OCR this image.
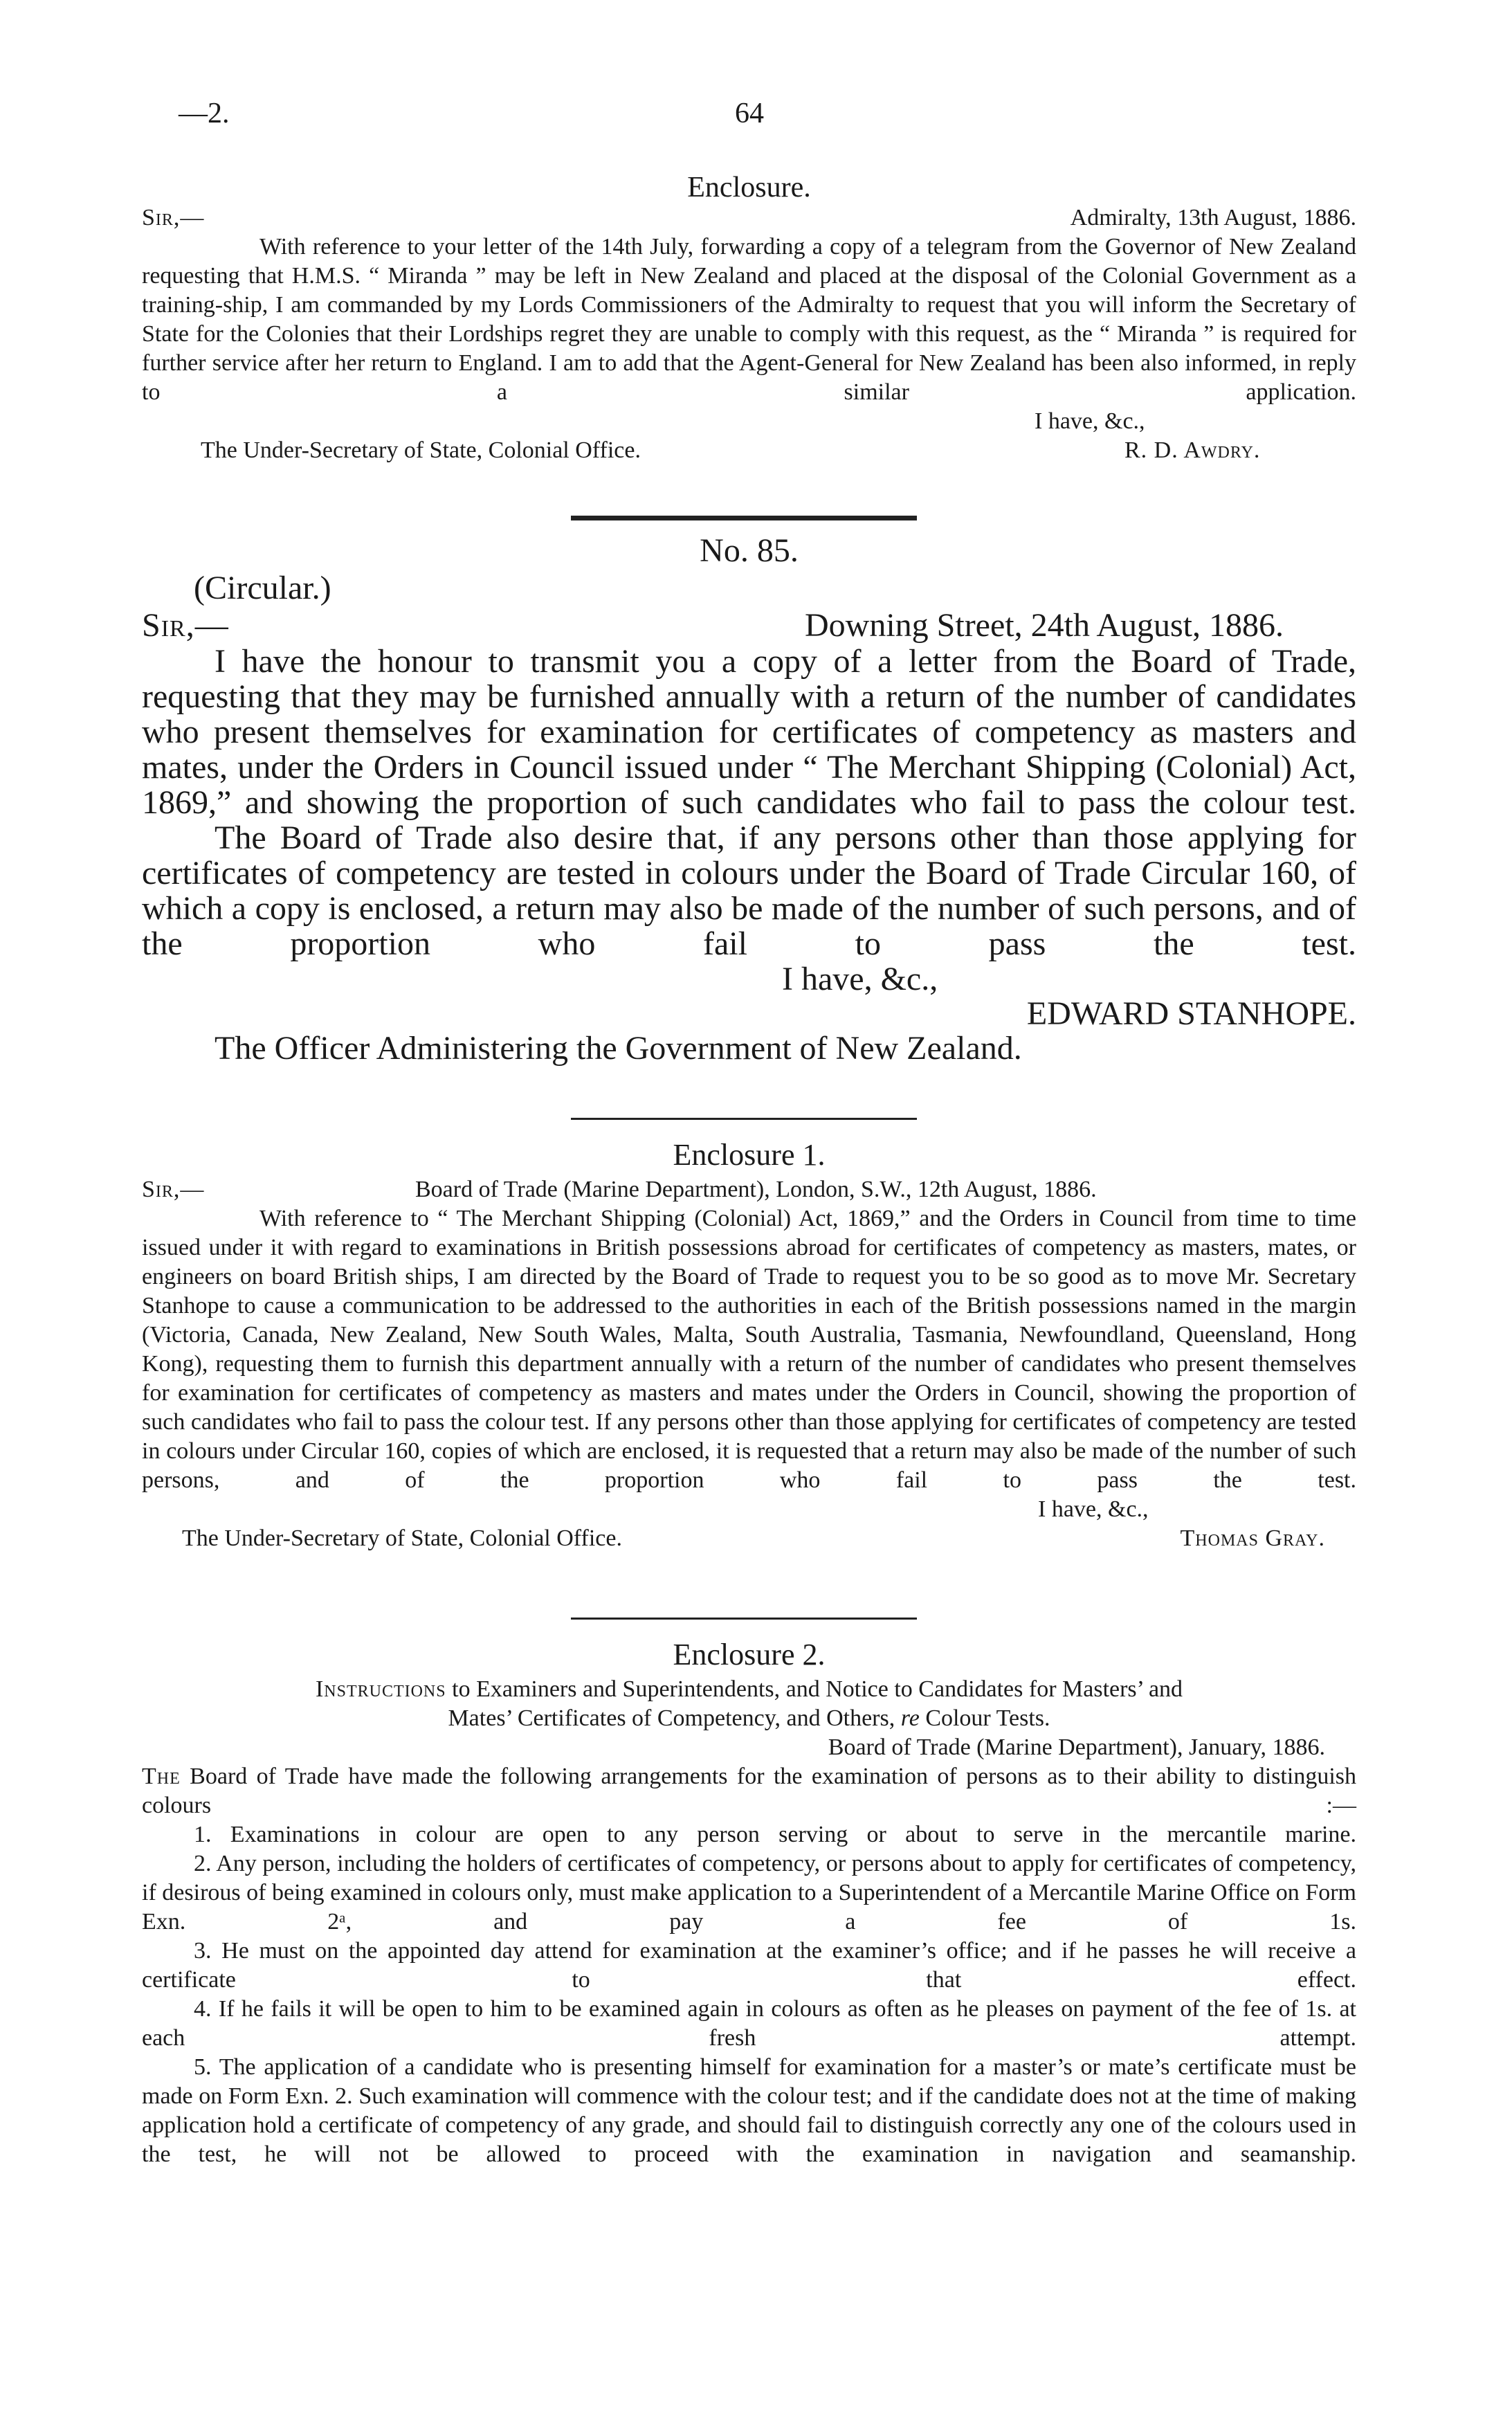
—2.	64
Enclosure.
Sir,—	Admiralty, 13th August, 1886.

With reference to your letter of the 14th July, forwarding a copy of a telegram from the Governor of New Zealand requesting that H.M.S. “ Miranda ” may be left in New Zealand and placed at the disposal of the Colonial Government as a training-ship, I am commanded by my Lords Commissioners of the Admiralty to request that you will inform the Secretary of State for the Colonies that their Lordships regret they are unable to comply with this request, as the “ Miranda ” is required for further service after her return to England. I am to add that the Agent-General for New Zealand has been also informed, in reply to a similar application.

I have, &c.,
The Under-Secretary of State, Colonial Office.	R. D. Awdry.
No. 85.
(Circular.)
Sir,—	Downing Street, 24th August, 1886.

I have the honour to transmit you a copy of a letter from the Board of Trade, requesting that they may be furnished annually with a return of the number of candidates who present themselves for examination for certificates of competency as masters and mates, under the Orders in Council issued under “ The Merchant Shipping (Colonial) Act, 1869,” and showing the proportion of such candidates who fail to pass the colour test.

The Board of Trade also desire that, if any persons other than those applying for certificates of competency are tested in colours under the Board of Trade Circular 160, of which a copy is enclosed, a return may also be made of the number of such persons, and of the proportion who fail to pass the test.

I have, &c.,
EDWARD STANHOPE.
The Officer Administering the Government of New Zealand.
Enclosure 1.
Sir,—	Board of Trade (Marine Department), London, S.W., 12th August, 1886.

With reference to “ The Merchant Shipping (Colonial) Act, 1869,” and the Orders in Council from time to time issued under it with regard to examinations in British possessions abroad for certificates of competency as masters, mates, or engineers on board British ships, I am directed by the Board of Trade to request you to be so good as to move Mr. Secretary Stanhope to cause a communication to be addressed to the authorities in each of the British possessions named in the margin (Victoria, Canada, New Zealand, New South Wales, Malta, South Australia, Tasmania, Newfoundland, Queensland, Hong Kong), requesting them to furnish this department annually with a return of the number of candidates who present themselves for examination for certificates of competency as masters and mates under the Orders in Council, showing the proportion of such candidates who fail to pass the colour test. If any persons other than those applying for certificates of competency are tested in colours under Circular 160, copies of which are enclosed, it is requested that a return may also be made of the number of such persons, and of the proportion who fail to pass the test.

I have, &c.,
The Under-Secretary of State, Colonial Office.	Thomas Gray.
Enclosure 2.

Instructions to Examiners and Superintendents, and Notice to Candidates for Masters’ and Mates’ Certificates of Competency, and Others, re Colour Tests.

Board of Trade (Marine Department), January, 1886.

The Board of Trade have made the following arrangements for the examination of persons as to their ability to distinguish colours :—

1. Examinations in colour are open to any person serving or about to serve in the mercantile marine.

2. Any person, including the holders of certificates of competency, or persons about to apply for certificates of competency, if desirous of being examined in colours only, must make application to a Superintendent of a Mercantile Marine Office on Form Exn. 2ᵃ, and pay a fee of 1s.

3. He must on the appointed day attend for examination at the examiner’s office; and if he passes he will receive a certificate to that effect.

4. If he fails it will be open to him to be examined again in colours as often as he pleases on payment of the fee of 1s. at each fresh attempt.

5. The application of a candidate who is presenting himself for examination for a master’s or mate’s certificate must be made on Form Exn. 2. Such examination will commence with the colour test; and if the candidate does not at the time of making application hold a certificate of competency of any grade, and should fail to distinguish correctly any one of the colours used in the test, he will not be allowed to proceed with the examination in navigation and seamanship.
